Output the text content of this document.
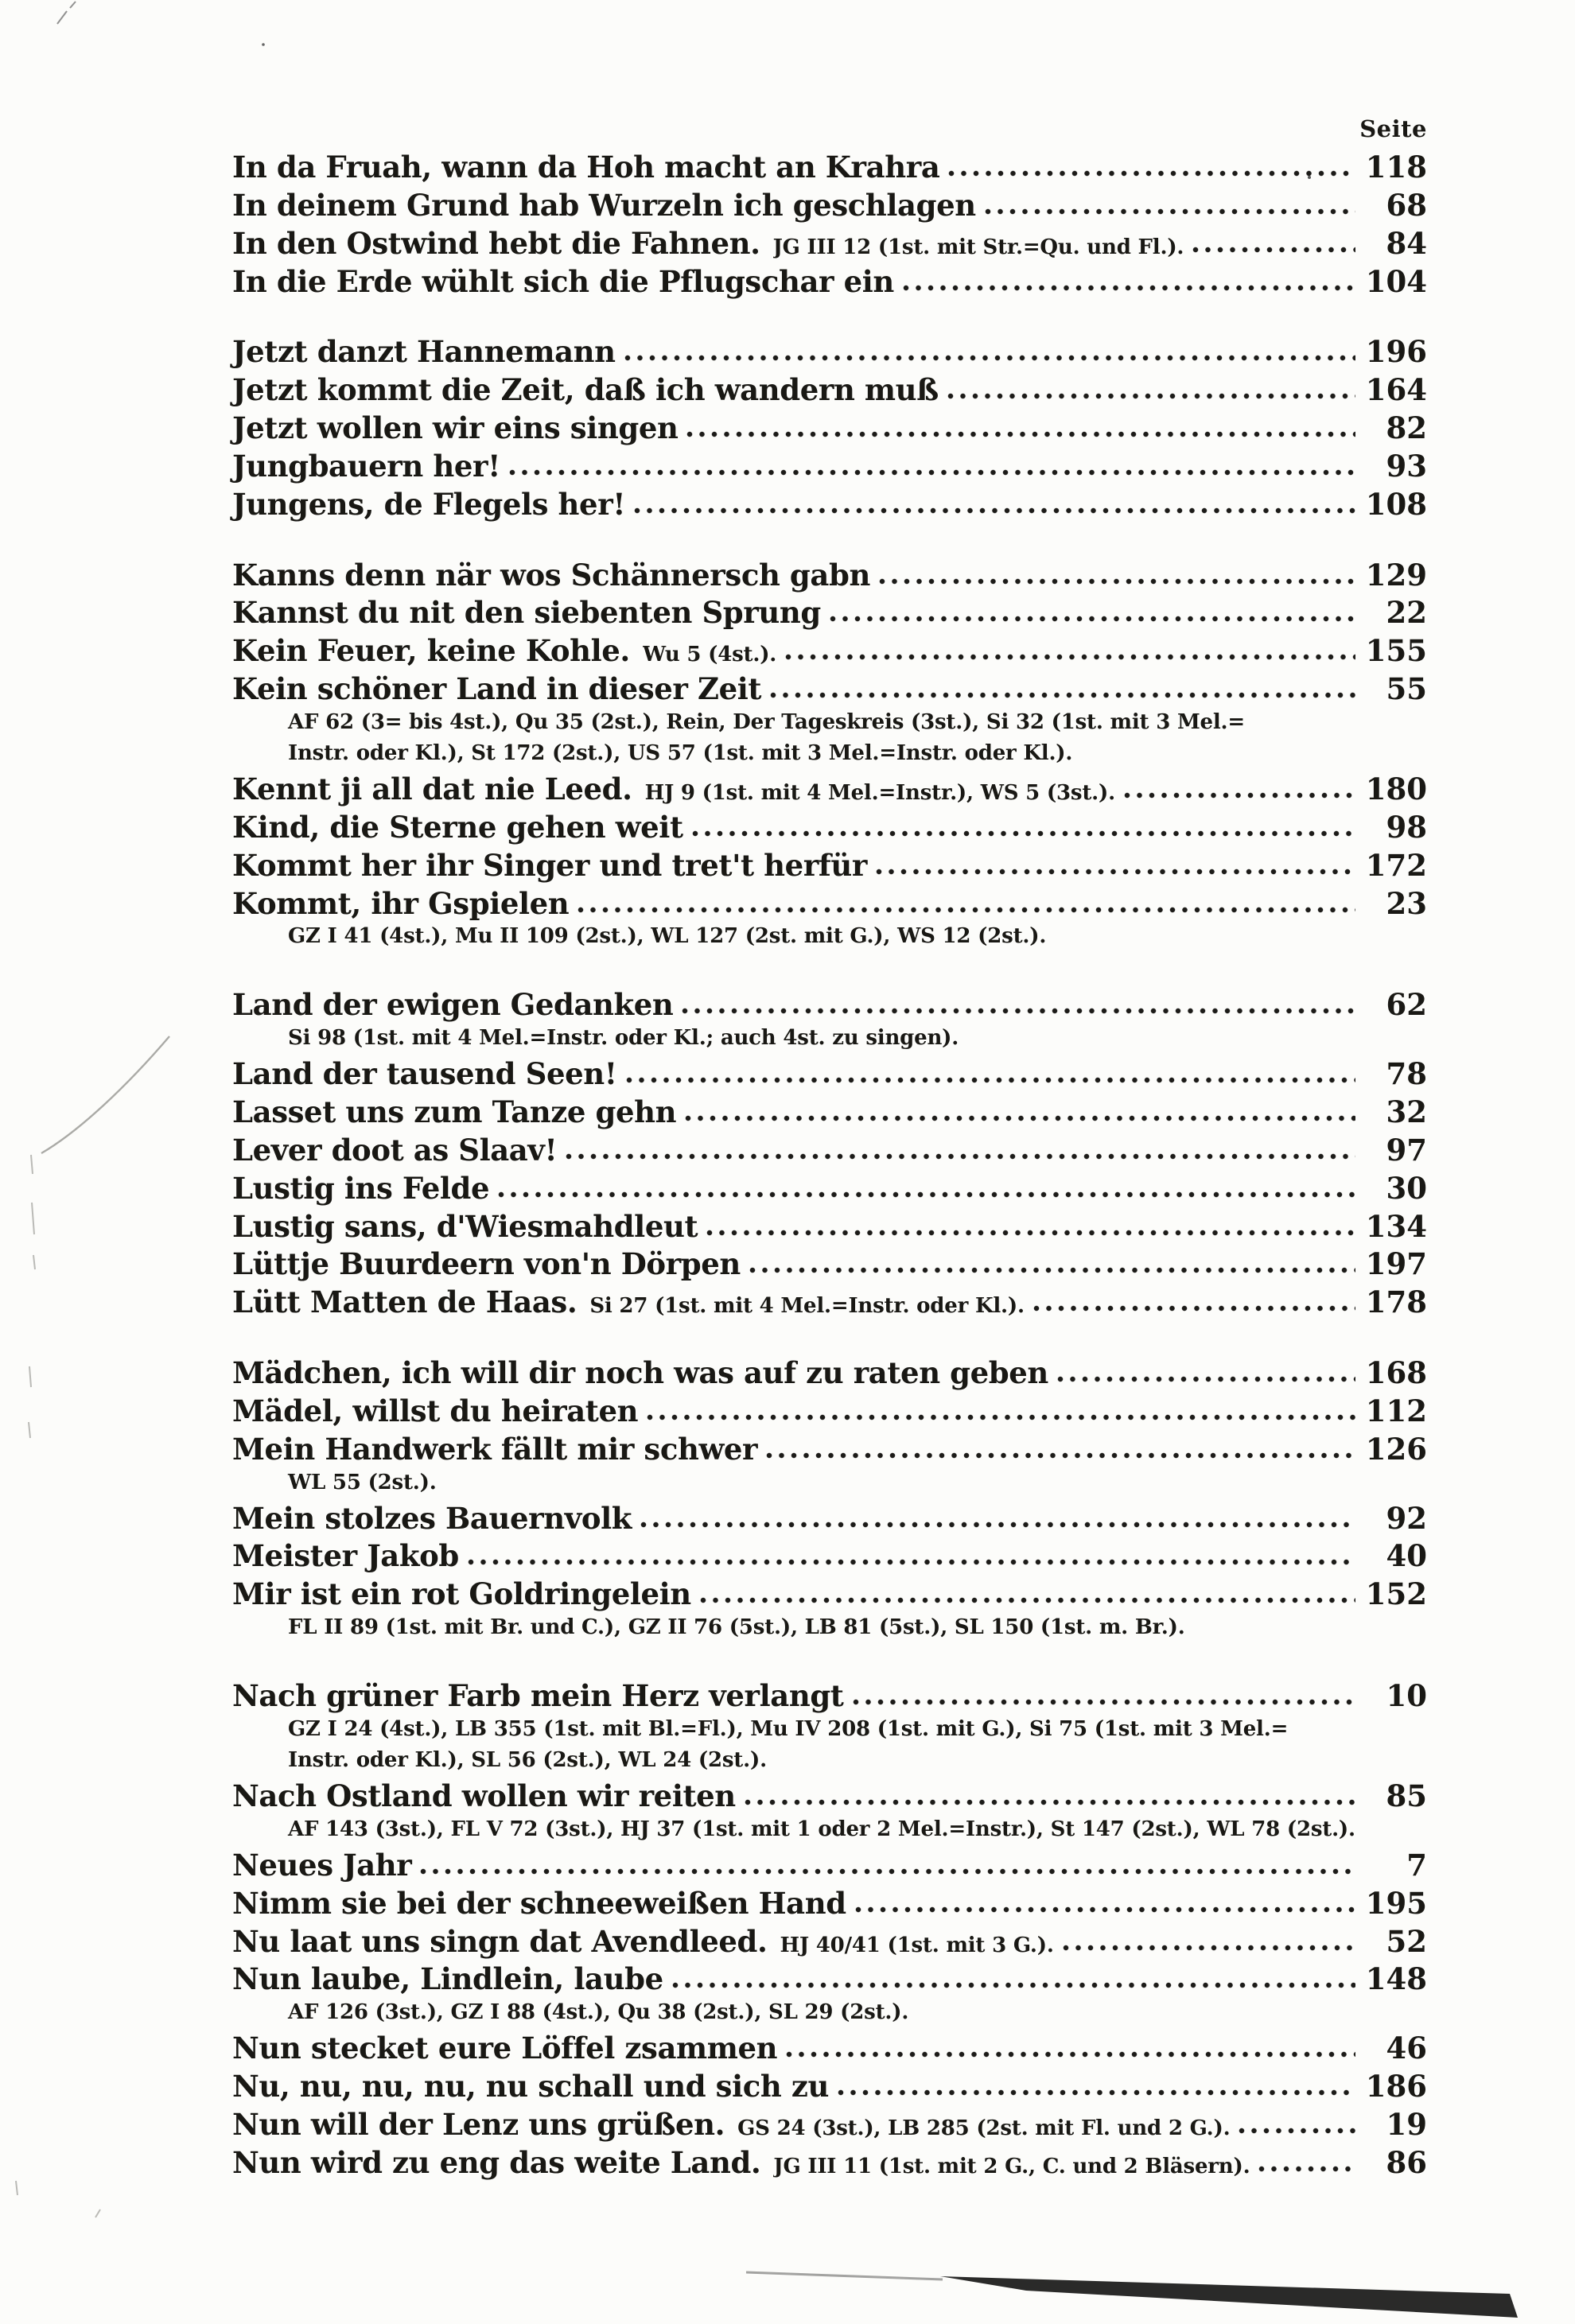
Seite
In da Fruah, wann da Hoh macht an Krahra	118
In deinem Grund hab Wurzeln ich geschlagen	68
In den Ostwind hebt die Fahnen. JG III 12 (1st. mit Str.=Qu. und Fl.).	84
In die Erde wühlt sich die Pflugschar ein	104
Jetzt danzt Hannemann	196
Jetzt kommt die Zeit, daß ich wandern muß	164
Jetzt wollen wir eins singen	82
Jungbauern her!	93
Jungens, de Flegels her!	108
Kanns denn när wos Schännersch gabn	129
Kannst du nit den siebenten Sprung	22
Kein Feuer, keine Kohle. Wu 5 (4st.).	155
Kein schöner Land in dieser Zeit	55
AF 62 (3= bis 4st.), Qu 35 (2st.), Rein, Der Tageskreis (3st.), Si 32 (1st. mit 3 Mel.=
Instr. oder Kl.), St 172 (2st.), US 57 (1st. mit 3 Mel.=Instr. oder Kl.).
Kennt ji all dat nie Leed. HJ 9 (1st. mit 4 Mel.=Instr.), WS 5 (3st.).	180
Kind, die Sterne gehen weit	98
Kommt her ihr Singer und tret't herfür	172
Kommt, ihr Gspielen	23
GZ I 41 (4st.), Mu II 109 (2st.), WL 127 (2st. mit G.), WS 12 (2st.).
Land der ewigen Gedanken	62
Si 98 (1st. mit 4 Mel.=Instr. oder Kl.; auch 4st. zu singen).
Land der tausend Seen!	78
Lasset uns zum Tanze gehn	32
Lever doot as Slaav!	97
Lustig ins Felde	30
Lustig sans, d'Wiesmahdleut	134
Lüttje Buurdeern von'n Dörpen	197
Lütt Matten de Haas. Si 27 (1st. mit 4 Mel.=Instr. oder Kl.).	178
Mädchen, ich will dir noch was auf zu raten geben	168
Mädel, willst du heiraten	112
Mein Handwerk fällt mir schwer	126
WL 55 (2st.).
Mein stolzes Bauernvolk	92
Meister Jakob	40
Mir ist ein rot Goldringelein	152
FL II 89 (1st. mit Br. und C.), GZ II 76 (5st.), LB 81 (5st.), SL 150 (1st. m. Br.).
Nach grüner Farb mein Herz verlangt	10
GZ I 24 (4st.), LB 355 (1st. mit Bl.=Fl.), Mu IV 208 (1st. mit G.), Si 75 (1st. mit 3 Mel.=
Instr. oder Kl.), SL 56 (2st.), WL 24 (2st.).
Nach Ostland wollen wir reiten	85
AF 143 (3st.), FL V 72 (3st.), HJ 37 (1st. mit 1 oder 2 Mel.=Instr.), St 147 (2st.), WL 78 (2st.).
Neues Jahr	7
Nimm sie bei der schneeweißen Hand	195
Nu laat uns singn dat Avendleed. HJ 40/41 (1st. mit 3 G.).	52
Nun laube, Lindlein, laube	148
AF 126 (3st.), GZ I 88 (4st.), Qu 38 (2st.), SL 29 (2st.).
Nun stecket eure Löffel zsammen	46
Nu, nu, nu, nu, nu schall und sich zu	186
Nun will der Lenz uns grüßen. GS 24 (3st.), LB 285 (2st. mit Fl. und 2 G.).	19
Nun wird zu eng das weite Land. JG III 11 (1st. mit 2 G., C. und 2 Bläsern).	86
